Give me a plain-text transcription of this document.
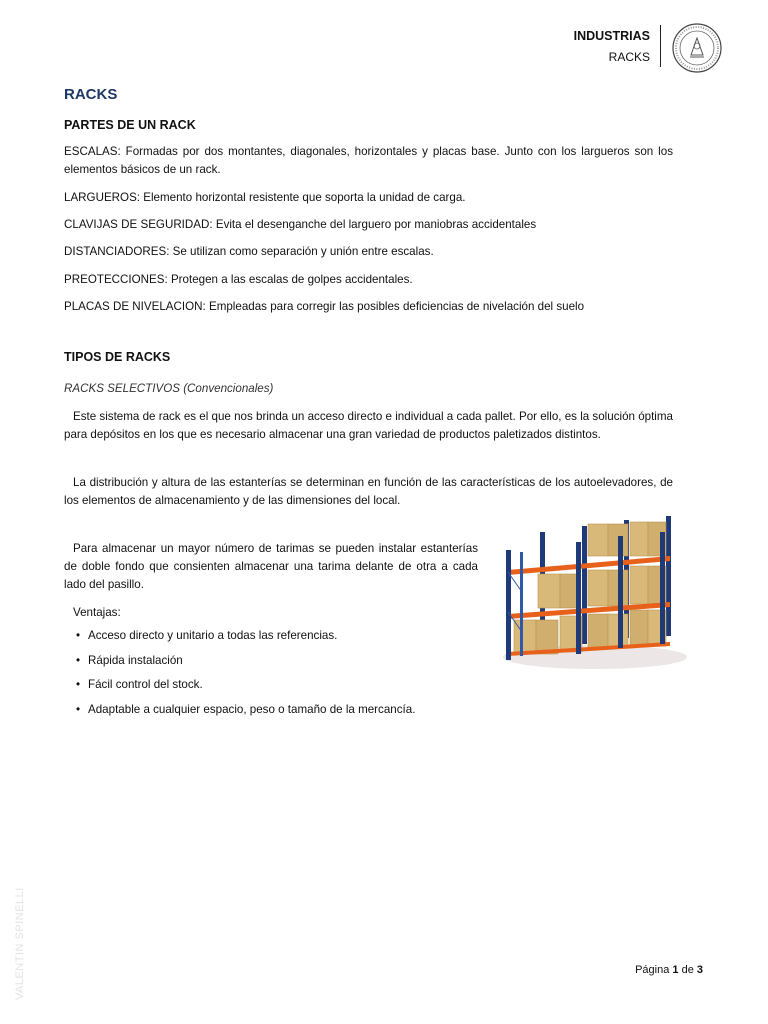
INDUSTRIAS
RACKS
RACKS
PARTES DE UN RACK
ESCALAS: Formadas por dos montantes, diagonales, horizontales y placas base. Junto con los largueros son los elementos básicos de un rack.
LARGUEROS: Elemento horizontal resistente que soporta la unidad de carga.
CLAVIJAS DE SEGURIDAD: Evita el desenganche del larguero por maniobras accidentales
DISTANCIADORES: Se utilizan como separación y unión entre escalas.
PREOTECCIONES: Protegen a las escalas de golpes accidentales.
PLACAS DE NIVELACION: Empleadas para corregir las posibles deficiencias de nivelación del suelo
TIPOS DE RACKS
RACKS SELECTIVOS (Convencionales)
Este sistema de rack es el que nos brinda un acceso directo e individual a cada pallet. Por ello, es la solución óptima para depósitos en los que es necesario almacenar una gran variedad de productos paletizados distintos.
La distribución y altura de las estanterías se determinan en función de las características de los autoelevadores, de los elementos de almacenamiento y de las dimensiones del local.
Para almacenar un mayor número de tarimas se pueden instalar estanterías de doble fondo que consienten almacenar una tarima delante de otra a cada lado del pasillo.
Ventajas:
• Acceso directo y unitario a todas las referencias.
• Rápida instalación
• Fácil control del stock.
• Adaptable a cualquier espacio, peso o tamaño de la mercancía.
Página 1 de 3
VALENTIN SPINELLI
